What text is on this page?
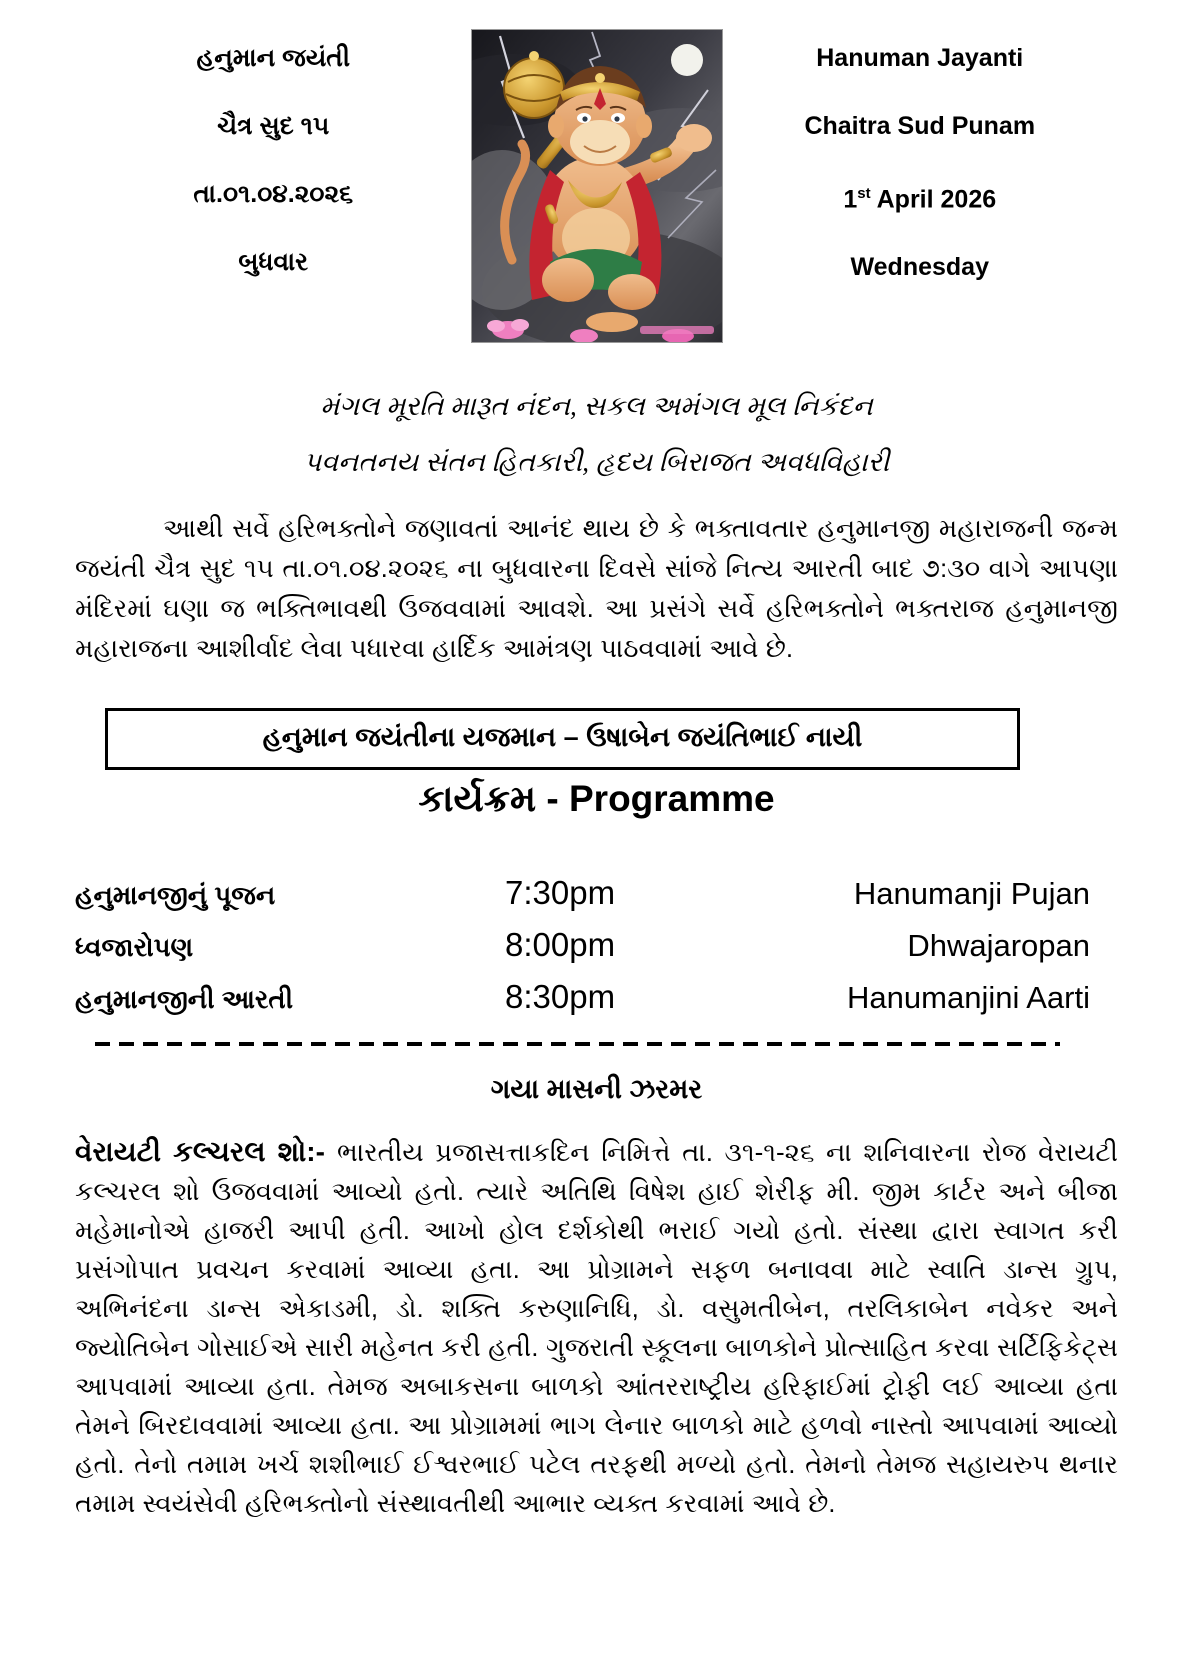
હનુમાન જયંતી
ચૈત્ર સુદ ૧૫
તા.૦૧.૦૪.૨૦૨૬
બુધવાર
Hanuman Jayanti
Chaitra Sud Punam
1st April 2026
Wednesday
મંગલ મૂરતિ મારૂત નંદન, સકલ અમંગલ મૂલ નિકંદન
પવનતનય સંતન હિતકારી, હૃદય બિરાજત અવધવિહારી

આથી સર્વે હરિભક્તોને જણાવતાં આનંદ થાય છે કે ભક્તાવતાર હનુમાનજી મહારાજની જન્મ જયંતી ચૈત્ર સુદ ૧૫ તા.૦૧.૦૪.૨૦૨૬ ના બુધવારના દિવસે સાંજે નિત્ય આરતી બાદ ૭:૩૦ વાગે આપણા મંદિરમાં ઘણા જ ભક્તિભાવથી ઉજવવામાં આવશે. આ પ્રસંગે સર્વે હરિભક્તોને ભક્તરાજ હનુમાનજી મહારાજના આશીર્વાદ લેવા પધારવા હાર્દિક આમંત્રણ પાઠવવામાં આવે છે.

હનુમાન જયંતીના યજમાન – ઉષાબેન જયંતિભાઈ નાયી
કાર્યક્રમ - Programme
હનુમાનજીનું પૂજન	7:30pm	Hanumanji Pujan
ધ્વજારોપણ	8:00pm	Dhwajaropan
હનુમાનજીની આરતી	8:30pm	Hanumanjini Aarti
ગયા માસની ઝરમર

વેરાયટી કલ્ચરલ શો:- ભારતીય પ્રજાસત્તાકદિન નિમિત્તે તા. ૩૧-૧-૨૬ ના શનિવારના રોજ વેરાયટી કલ્ચરલ શો ઉજવવામાં આવ્યો હતો. ત્યારે અતિથિ વિષેશ હાઈ શેરીફ મી. જીમ કાર્ટર અને બીજા મહેમાનોએ હાજરી આપી હતી. આખો હોલ દર્શકોથી ભરાઈ ગયો હતો. સંસ્થા દ્વારા સ્વાગત કરી પ્રસંગોપાત પ્રવચન કરવામાં આવ્યા હતા. આ પ્રોગ્રામને સફળ બનાવવા માટે સ્વાતિ ડાન્સ ગ્રુપ, અભિનંદના ડાન્સ એકાડમી, ડો. શક્તિ કરુણાનિધિ, ડો. વસુમતીબેન, તરલિકાબેન નવેકર અને જ્યોતિબેન ગોસાઈએ સારી મહેનત કરી હતી. ગુજરાતી સ્કૂલના બાળકોને પ્રોત્સાહિત કરવા સર્ટિફિકેટ્સ આપવામાં આવ્યા હતા. તેમજ અબાકસના બાળકો આંતરરાષ્ટ્રીય હરિફાઈમાં ટ્રોફી લઈ આવ્યા હતા તેમને બિરદાવવામાં આવ્યા હતા. આ પ્રોગ્રામમાં ભાગ લેનાર બાળકો માટે હળવો નાસ્તો આપવામાં આવ્યો હતો. તેનો તમામ ખર્ચ શશીભાઈ ઈશ્વરભાઈ પટેલ તરફથી મળ્યો હતો. તેમનો તેમજ સહાયરુપ થનાર તમામ સ્વયંસેવી હરિભક્તોનો સંસ્થાવતીથી આભાર વ્યક્ત કરવામાં આવે છે.
